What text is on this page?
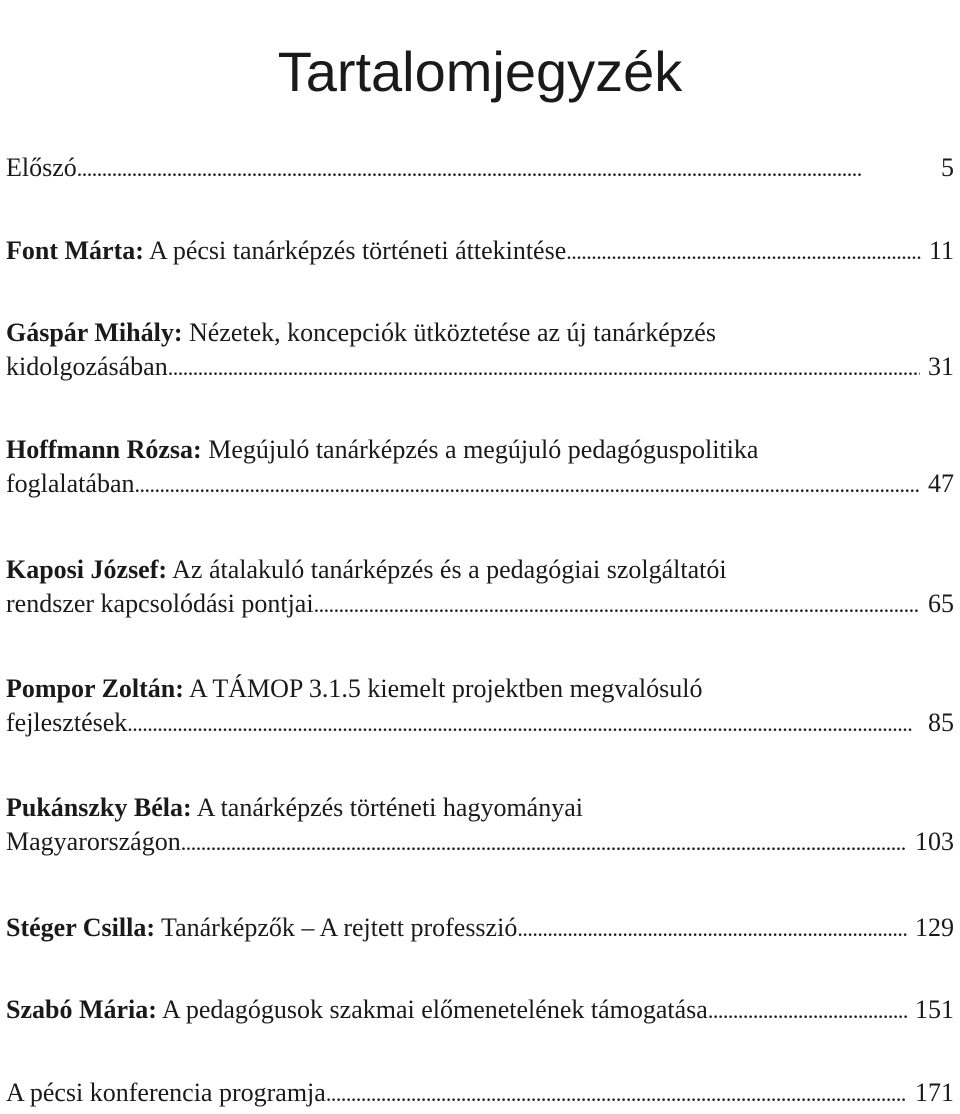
Tartalomjegyzék
Előszó . . .	5
Font Márta: A pécsi tanárképzés történeti áttekintése . . .	11
Gáspár Mihály: Nézetek, koncepciók ütköztetése az új tanárképzés
kidolgozásában . . .	31
Hoffmann Rózsa: Megújuló tanárképzés a megújuló pedagóguspolitika
foglalatában . . .	47
Kaposi József: Az átalakuló tanárképzés és a pedagógiai szolgáltatói
rendszer kapcsolódási pontjai . . .	65
Pompor Zoltán: A TÁMOP 3.1.5 kiemelt projektben megvalósuló
fejlesztések . . .	85
Pukánszky Béla: A tanárképzés történeti hagyományai
Magyarországon . . .	103
Stéger Csilla: Tanárképzők – A rejtett professzió . . .	129
Szabó Mária: A pedagógusok szakmai előmenetelének támogatása . . .	151
A pécsi konferencia programja . . .	171
